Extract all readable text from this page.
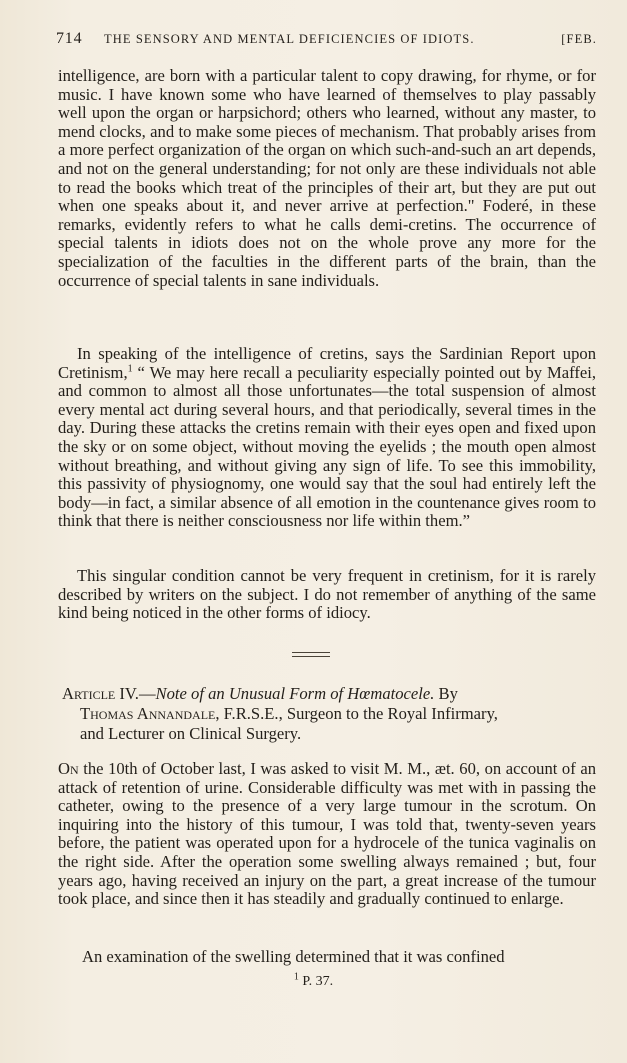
714 THE SENSORY AND MENTAL DEFICIENCIES OF IDIOTS.	[FEB.
intelligence, are born with a particular talent to copy drawing, for rhyme, or for music. I have known some who have learned of themselves to play passably well upon the organ or harpsichord; others who learned, without any master, to mend clocks, and to make some pieces of mechanism. That probably arises from a more perfect organization of the organ on which such-and-such an art depends, and not on the general understanding; for not only are these individuals not able to read the books which treat of the principles of their art, but they are put out when one speaks about it, and never arrive at perfection." Foderé, in these remarks, evidently refers to what he calls demi-cretins. The occurrence of special talents in idiots does not on the whole prove any more for the specialization of the faculties in the different parts of the brain, than the occurrence of special talents in sane individuals.
In speaking of the intelligence of cretins, says the Sardinian Report upon Cretinism,$^1$ “ We may here recall a peculiarity especially pointed out by Maffei, and common to almost all those unfortunates—the total suspension of almost every mental act during several hours, and that periodically, several times in the day. During these attacks the cretins remain with their eyes open and fixed upon the sky or on some object, without moving the eyelids ; the mouth open almost without breathing, and without giving any sign of life. To see this immobility, this passivity of physiognomy, one would say that the soul had entirely left the body—in fact, a similar absence of all emotion in the countenance gives room to think that there is neither consciousness nor life within them.”
This singular condition cannot be very frequent in cretinism, for it is rarely described by writers on the subject. I do not remember of anything of the same kind being noticed in the other forms of idiocy.
Article IV.—Note of an Unusual Form of Hœmatocele. By
Thomas Annandale, F.R.S.E., Surgeon to the Royal Infirmary,
and Lecturer on Clinical Surgery.
On the 10th of October last, I was asked to visit M. M., æt. 60, on account of an attack of retention of urine. Considerable difficulty was met with in passing the catheter, owing to the presence of a very large tumour in the scrotum. On inquiring into the history of this tumour, I was told that, twenty-seven years before, the patient was operated upon for a hydrocele of the tunica vaginalis on the right side. After the operation some swelling always remained ; but, four years ago, having received an injury on the part, a great increase of the tumour took place, and since then it has steadily and gradually continued to enlarge.
An examination of the swelling determined that it was confined
$^1$ P. 37.
